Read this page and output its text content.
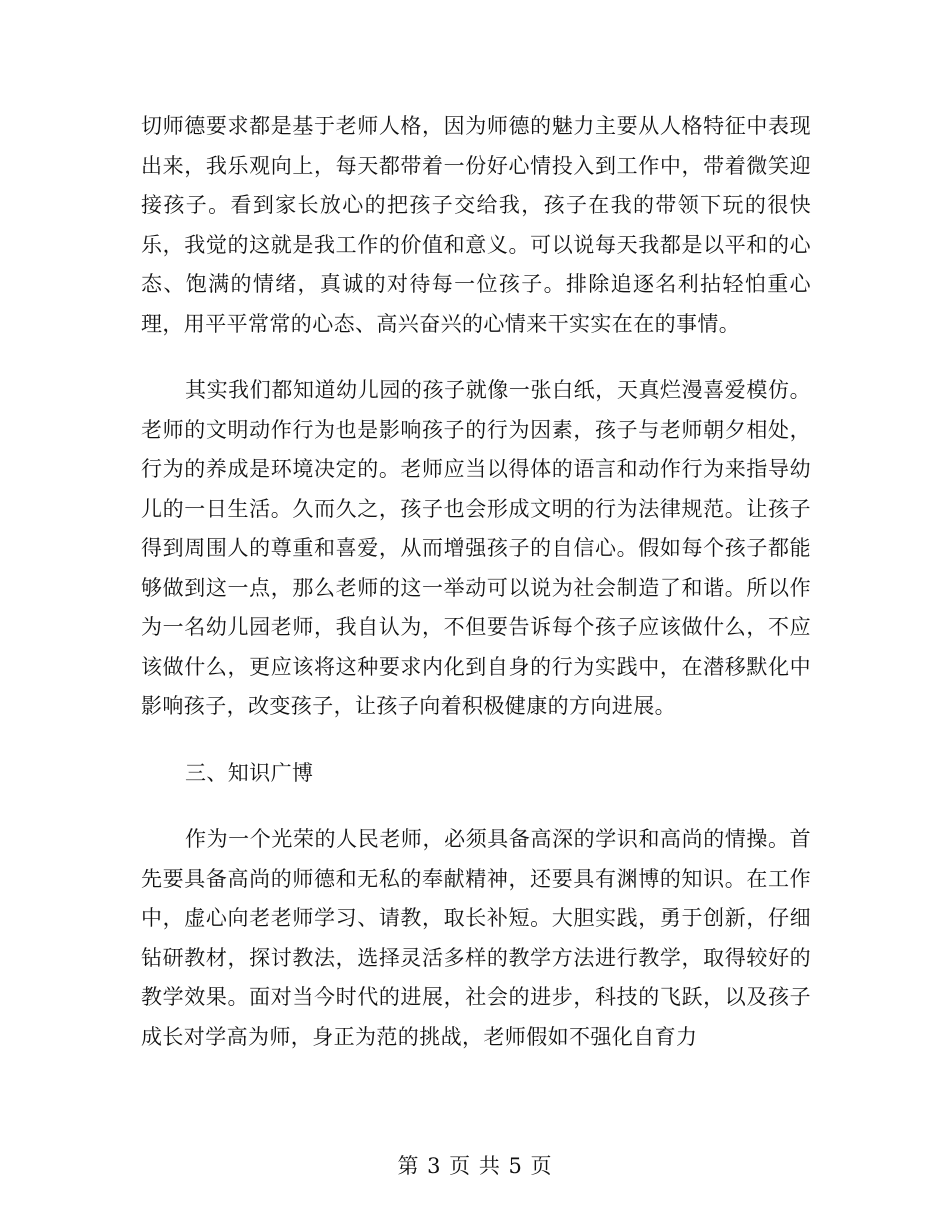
切师德要求都是基于老师人格，因为师德的魅力主要从人格特征中表现出来，我乐观向上，每天都带着一份好心情投入到工作中，带着微笑迎接孩子。看到家长放心的把孩子交给我，孩子在我的带领下玩的很快乐，我觉的这就是我工作的价值和意义。可以说每天我都是以平和的心态、饱满的情绪，真诚的对待每一位孩子。排除追逐名利拈轻怕重心理，用平平常常的心态、高兴奋兴的心情来干实实在在的事情。

其实我们都知道幼儿园的孩子就像一张白纸，天真烂漫喜爱模仿。老师的文明动作行为也是影响孩子的行为因素，孩子与老师朝夕相处，行为的养成是环境决定的。老师应当以得体的语言和动作行为来指导幼儿的一日生活。久而久之，孩子也会形成文明的行为法律规范。让孩子得到周围人的尊重和喜爱，从而增强孩子的自信心。假如每个孩子都能够做到这一点，那么老师的这一举动可以说为社会制造了和谐。所以作为一名幼儿园老师，我自认为，不但要告诉每个孩子应该做什么，不应该做什么，更应该将这种要求内化到自身的行为实践中，在潜移默化中影响孩子，改变孩子，让孩子向着积极健康的方向进展。

三、知识广博

作为一个光荣的人民老师，必须具备高深的学识和高尚的情操。首先要具备高尚的师德和无私的奉献精神，还要具有渊博的知识。在工作中，虚心向老老师学习、请教，取长补短。大胆实践，勇于创新，仔细钻研教材，探讨教法，选择灵活多样的教学方法进行教学，取得较好的教学效果。面对当今时代的进展，社会的进步，科技的飞跃，以及孩子成长对学高为师，身正为范的挑战，老师假如不强化自育力

第 3 页 共 5 页
